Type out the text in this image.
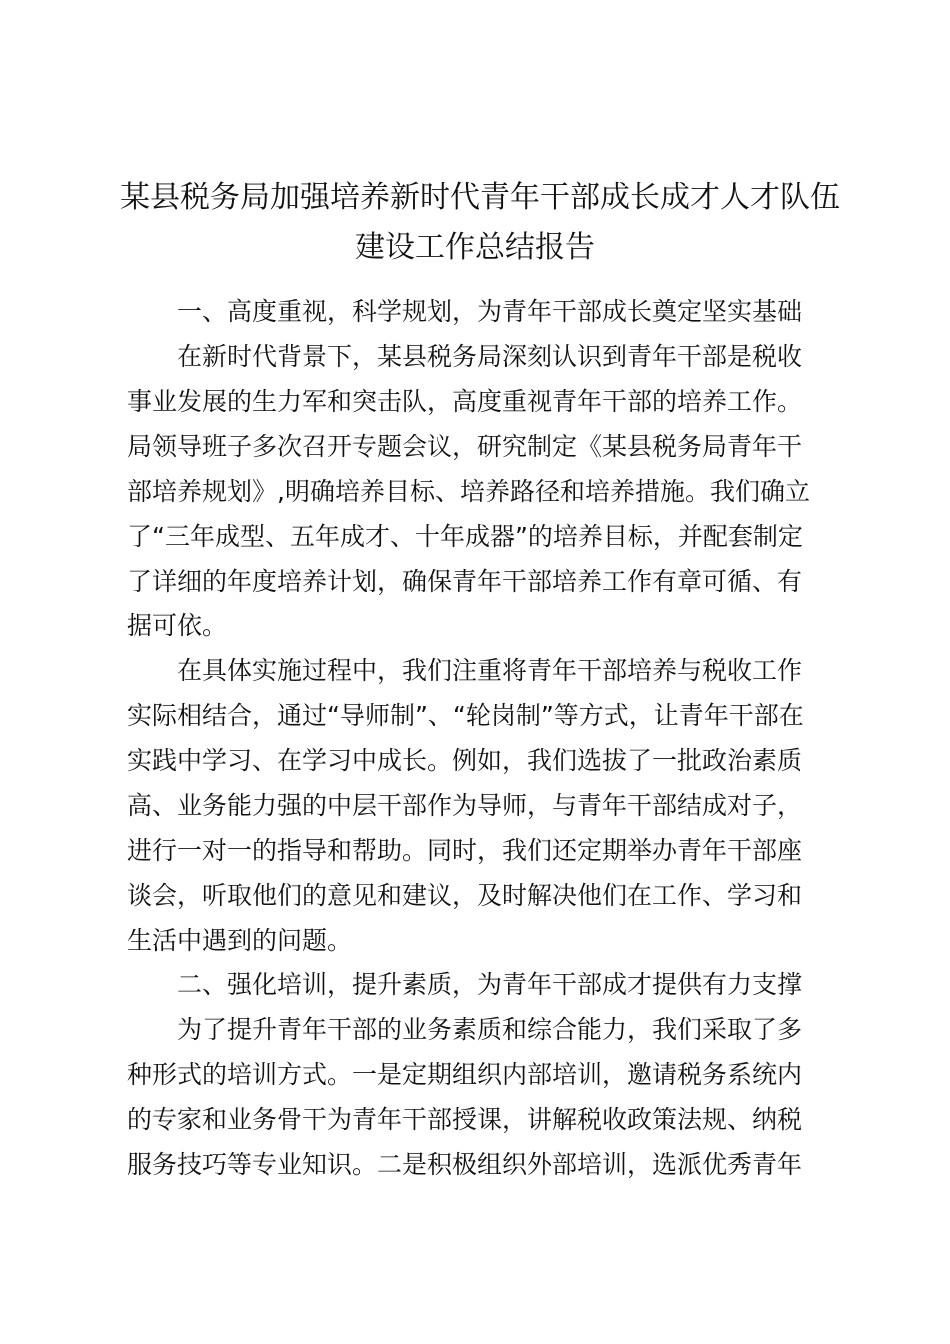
某县税务局加强培养新时代青年干部成长成才人才队伍
建设工作总结报告

一、高度重视，科学规划，为青年干部成长奠定坚实基础

在新时代背景下，某县税务局深刻认识到青年干部是税收

事业发展的生力军和突击队，高度重视青年干部的培养工作。

局领导班子多次召开专题会议，研究制定《某县税务局青年干

部培养规划》,明确培养目标、培养路径和培养措施。我们确立

了“三年成型、五年成才、十年成器”的培养目标，并配套制定

了详细的年度培养计划，确保青年干部培养工作有章可循、有

据可依。

在具体实施过程中，我们注重将青年干部培养与税收工作

实际相结合，通过“导师制”、“轮岗制”等方式，让青年干部在

实践中学习、在学习中成长。例如，我们选拔了一批政治素质

高、业务能力强的中层干部作为导师，与青年干部结成对子，

进行一对一的指导和帮助。同时，我们还定期举办青年干部座

谈会，听取他们的意见和建议，及时解决他们在工作、学习和

生活中遇到的问题。

二、强化培训，提升素质，为青年干部成才提供有力支撑

为了提升青年干部的业务素质和综合能力，我们采取了多

种形式的培训方式。一是定期组织内部培训，邀请税务系统内

的专家和业务骨干为青年干部授课，讲解税收政策法规、纳税

服务技巧等专业知识。二是积极组织外部培训，选派优秀青年
